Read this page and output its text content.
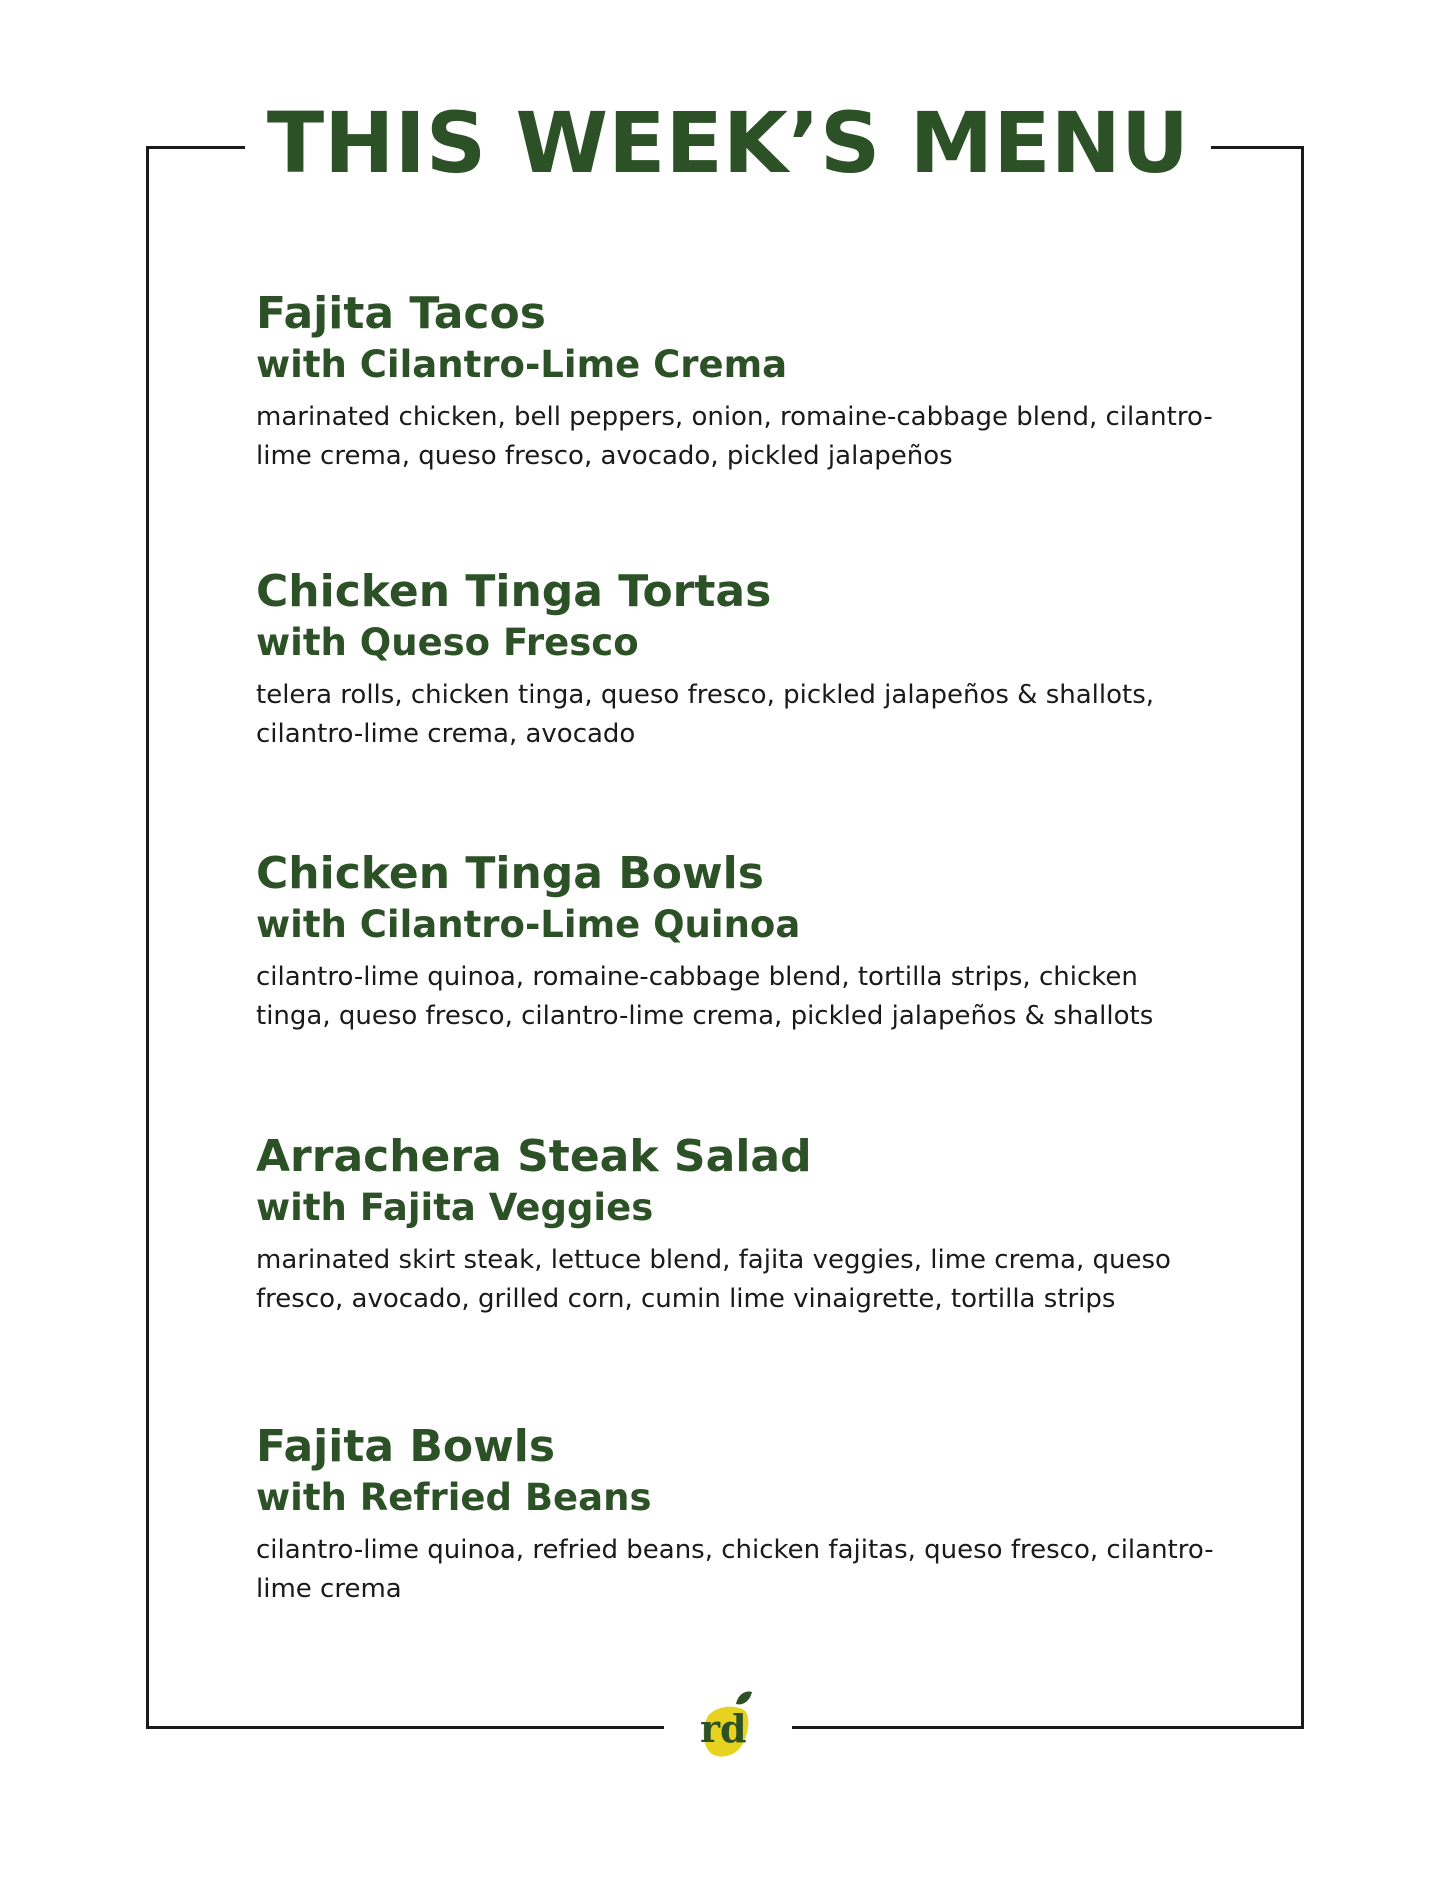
THIS WEEK’S MENU

Fajita Tacos

with Cilantro-Lime Crema

marinated chicken, bell peppers, onion, romaine-cabbage blend, cilantro-lime crema, queso fresco, avocado, pickled jalapeños

Chicken Tinga Tortas

with Queso Fresco

telera rolls, chicken tinga, queso fresco, pickled jalapeños & shallots, cilantro-lime crema, avocado

Chicken Tinga Bowls

with Cilantro-Lime Quinoa

cilantro-lime quinoa, romaine-cabbage blend, tortilla strips, chicken tinga, queso fresco, cilantro-lime crema, pickled jalapeños & shallots

Arrachera Steak Salad

with Fajita Veggies

marinated skirt steak, lettuce blend, fajita veggies, lime crema, queso fresco, avocado, grilled corn, cumin lime vinaigrette, tortilla strips

Fajita Bowls

with Refried Beans

cilantro-lime quinoa, refried beans, chicken fajitas, queso fresco, cilantro-lime crema

rd
